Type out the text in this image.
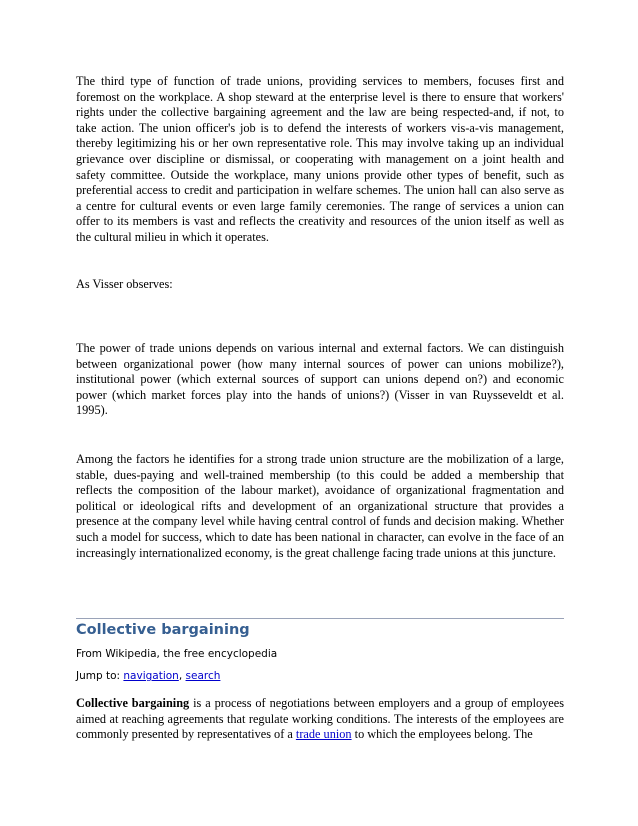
The third type of function of trade unions, providing services to members, focuses first and foremost on the workplace. A shop steward at the enterprise level is there to ensure that workers' rights under the collective bargaining agreement and the law are being respected-and, if not, to take action. The union officer's job is to defend the interests of workers vis-a-vis management, thereby legitimizing his or her own representative role. This may involve taking up an individual grievance over discipline or dismissal, or cooperating with management on a joint health and safety committee. Outside the workplace, many unions provide other types of benefit, such as preferential access to credit and participation in welfare schemes. The union hall can also serve as a centre for cultural events or even large family ceremonies. The range of services a union can offer to its members is vast and reflects the creativity and resources of the union itself as well as the cultural milieu in which it operates.

As Visser observes:

The power of trade unions depends on various internal and external factors. We can distinguish between organizational power (how many internal sources of power can unions mobilize?), institutional power (which external sources of support can unions depend on?) and economic power (which market forces play into the hands of unions?) (Visser in van Ruysseveldt et al. 1995).

Among the factors he identifies for a strong trade union structure are the mobilization of a large, stable, dues-paying and well-trained membership (to this could be added a membership that reflects the composition of the labour market), avoidance of organizational fragmentation and political or ideological rifts and development of an organizational structure that provides a presence at the company level while having central control of funds and decision making. Whether such a model for success, which to date has been national in character, can evolve in the face of an increasingly internationalized economy, is the great challenge facing trade unions at this juncture.

Collective bargaining

From Wikipedia, the free encyclopedia

Jump to: navigation, search

Collective bargaining is a process of negotiations between employers and a group of employees aimed at reaching agreements that regulate working conditions. The interests of the employees are commonly presented by representatives of a trade union to which the employees belong. The
